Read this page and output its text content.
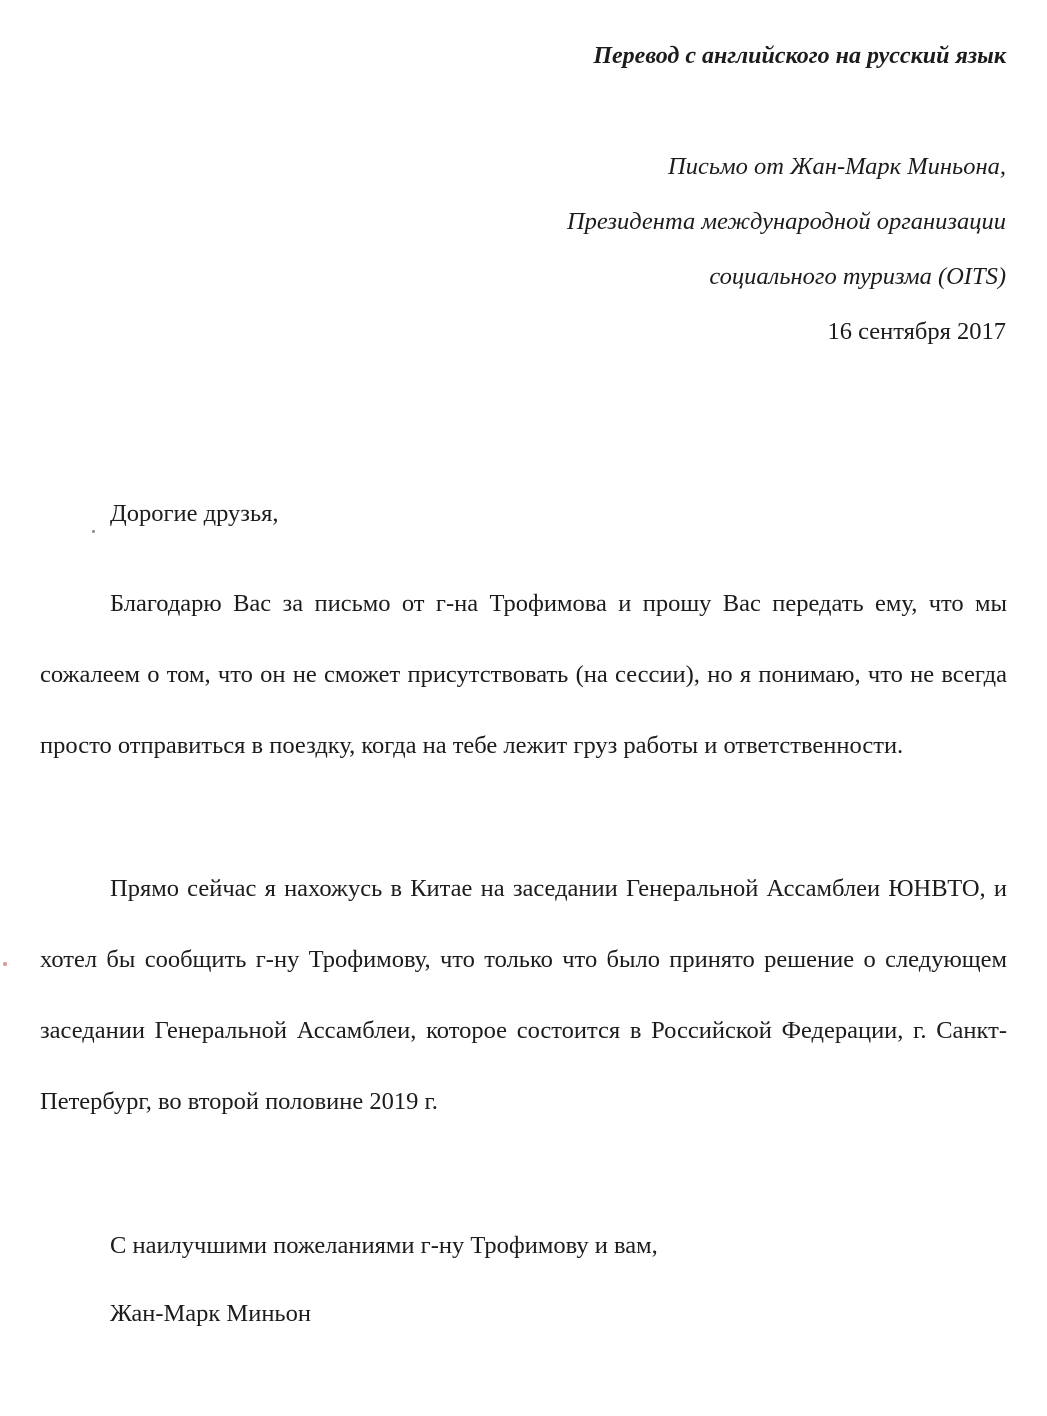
Перевод с английского на русский язык
Письмо от Жан-Марк Миньона,
Президента международной организации
социального туризма (OITS)
16 сентября 2017
Дорогие друзья,

Благодарю Вас за письмо от г-на Трофимова и прошу Вас передать ему, что мы сожалеем о том, что он не сможет присутствовать (на сессии), но я понимаю, что не всегда просто отправиться в поездку, когда на тебе лежит груз работы и ответственности.

Прямо сейчас я нахожусь в Китае на заседании Генеральной Ассамблеи ЮНВТО, и хотел бы сообщить г-ну Трофимову, что только что было принято решение о следующем заседании Генеральной Ассамблеи, которое состоится в Российской Федерации, г. Санкт-Петербург, во второй половине 2019 г.

С наилучшими пожеланиями г-ну Трофимову и вам,
Жан-Марк Миньон
